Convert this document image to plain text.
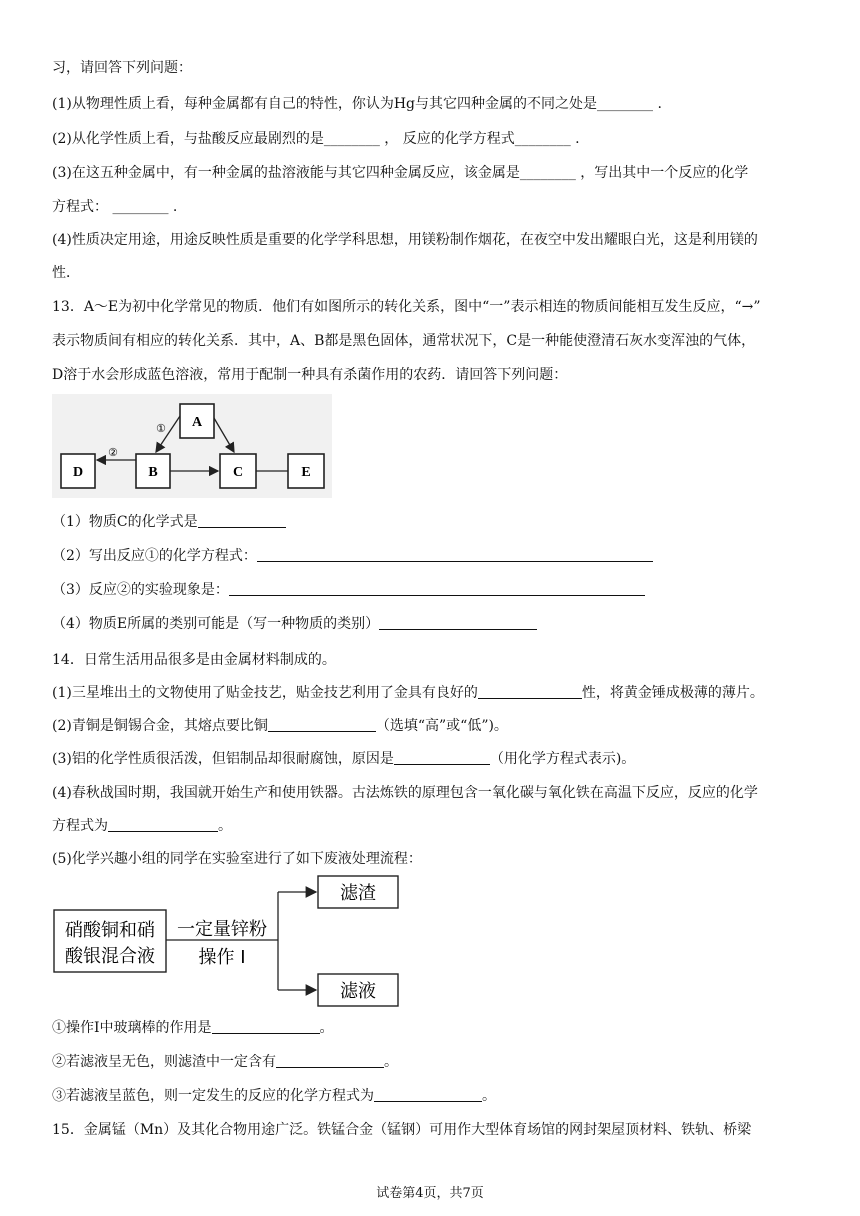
习，请回答下列问题：
(1)从物理性质上看，每种金属都有自己的特性，你认为Hg与其它四种金属的不同之处是________ .
(2)从化学性质上看，与盐酸反应最剧烈的是________ ， 反应的化学方程式________ .
(3)在这五种金属中，有一种金属的盐溶液能与其它四种金属反应，该金属是________ ，写出其中一个反应的化学
方程式： ________ .
(4)性质决定用途，用途反映性质是重要的化学学科思想，用镁粉制作烟花，在夜空中发出耀眼白光，这是利用镁的
性．
13．A～E为初中化学常见的物质．他们有如图所示的转化关系，图中“一”表示相连的物质间能相互发生反应，“→”
表示物质间有相应的转化关系．其中，A、B都是黑色固体，通常状况下，C是一种能使澄清石灰水变浑浊的气体，
D溶于水会形成蓝色溶液，常用于配制一种具有杀菌作用的农药．请回答下列问题：
A
D	B	C	E
①
②
（1）物质C的化学式是
（2）写出反应①的化学方程式：
（3）反应②的实验现象是：
（4）物质E所属的类别可能是（写一种物质的类别）
14．日常生活用品很多是由金属材料制成的。
(1)三星堆出土的文物使用了贴金技艺，贴金技艺利用了金具有良好的	性，将黄金锤成极薄的薄片。
(2)青铜是铜锡合金，其熔点要比铜	（选填“高”或“低”)。
(3)铝的化学性质很活泼，但铝制品却很耐腐蚀，原因是	（用化学方程式表示)。
(4)春秋战国时期，我国就开始生产和使用铁器。古法炼铁的原理包含一氧化碳与氧化铁在高温下反应，反应的化学
方程式为	。
(5)化学兴趣小组的同学在实验室进行了如下废液处理流程：
硝酸铜和硝
酸银混合液
一定量锌粉
操作 I
滤渣
滤液
①操作I中玻璃棒的作用是	。
②若滤液呈无色，则滤渣中一定含有	。
③若滤液呈蓝色，则一定发生的反应的化学方程式为	。
15．金属锰（Mn）及其化合物用途广泛。铁锰合金（锰钢）可用作大型体育场馆的网封架屋顶材料、铁轨、桥梁
试卷第4页，共7页
